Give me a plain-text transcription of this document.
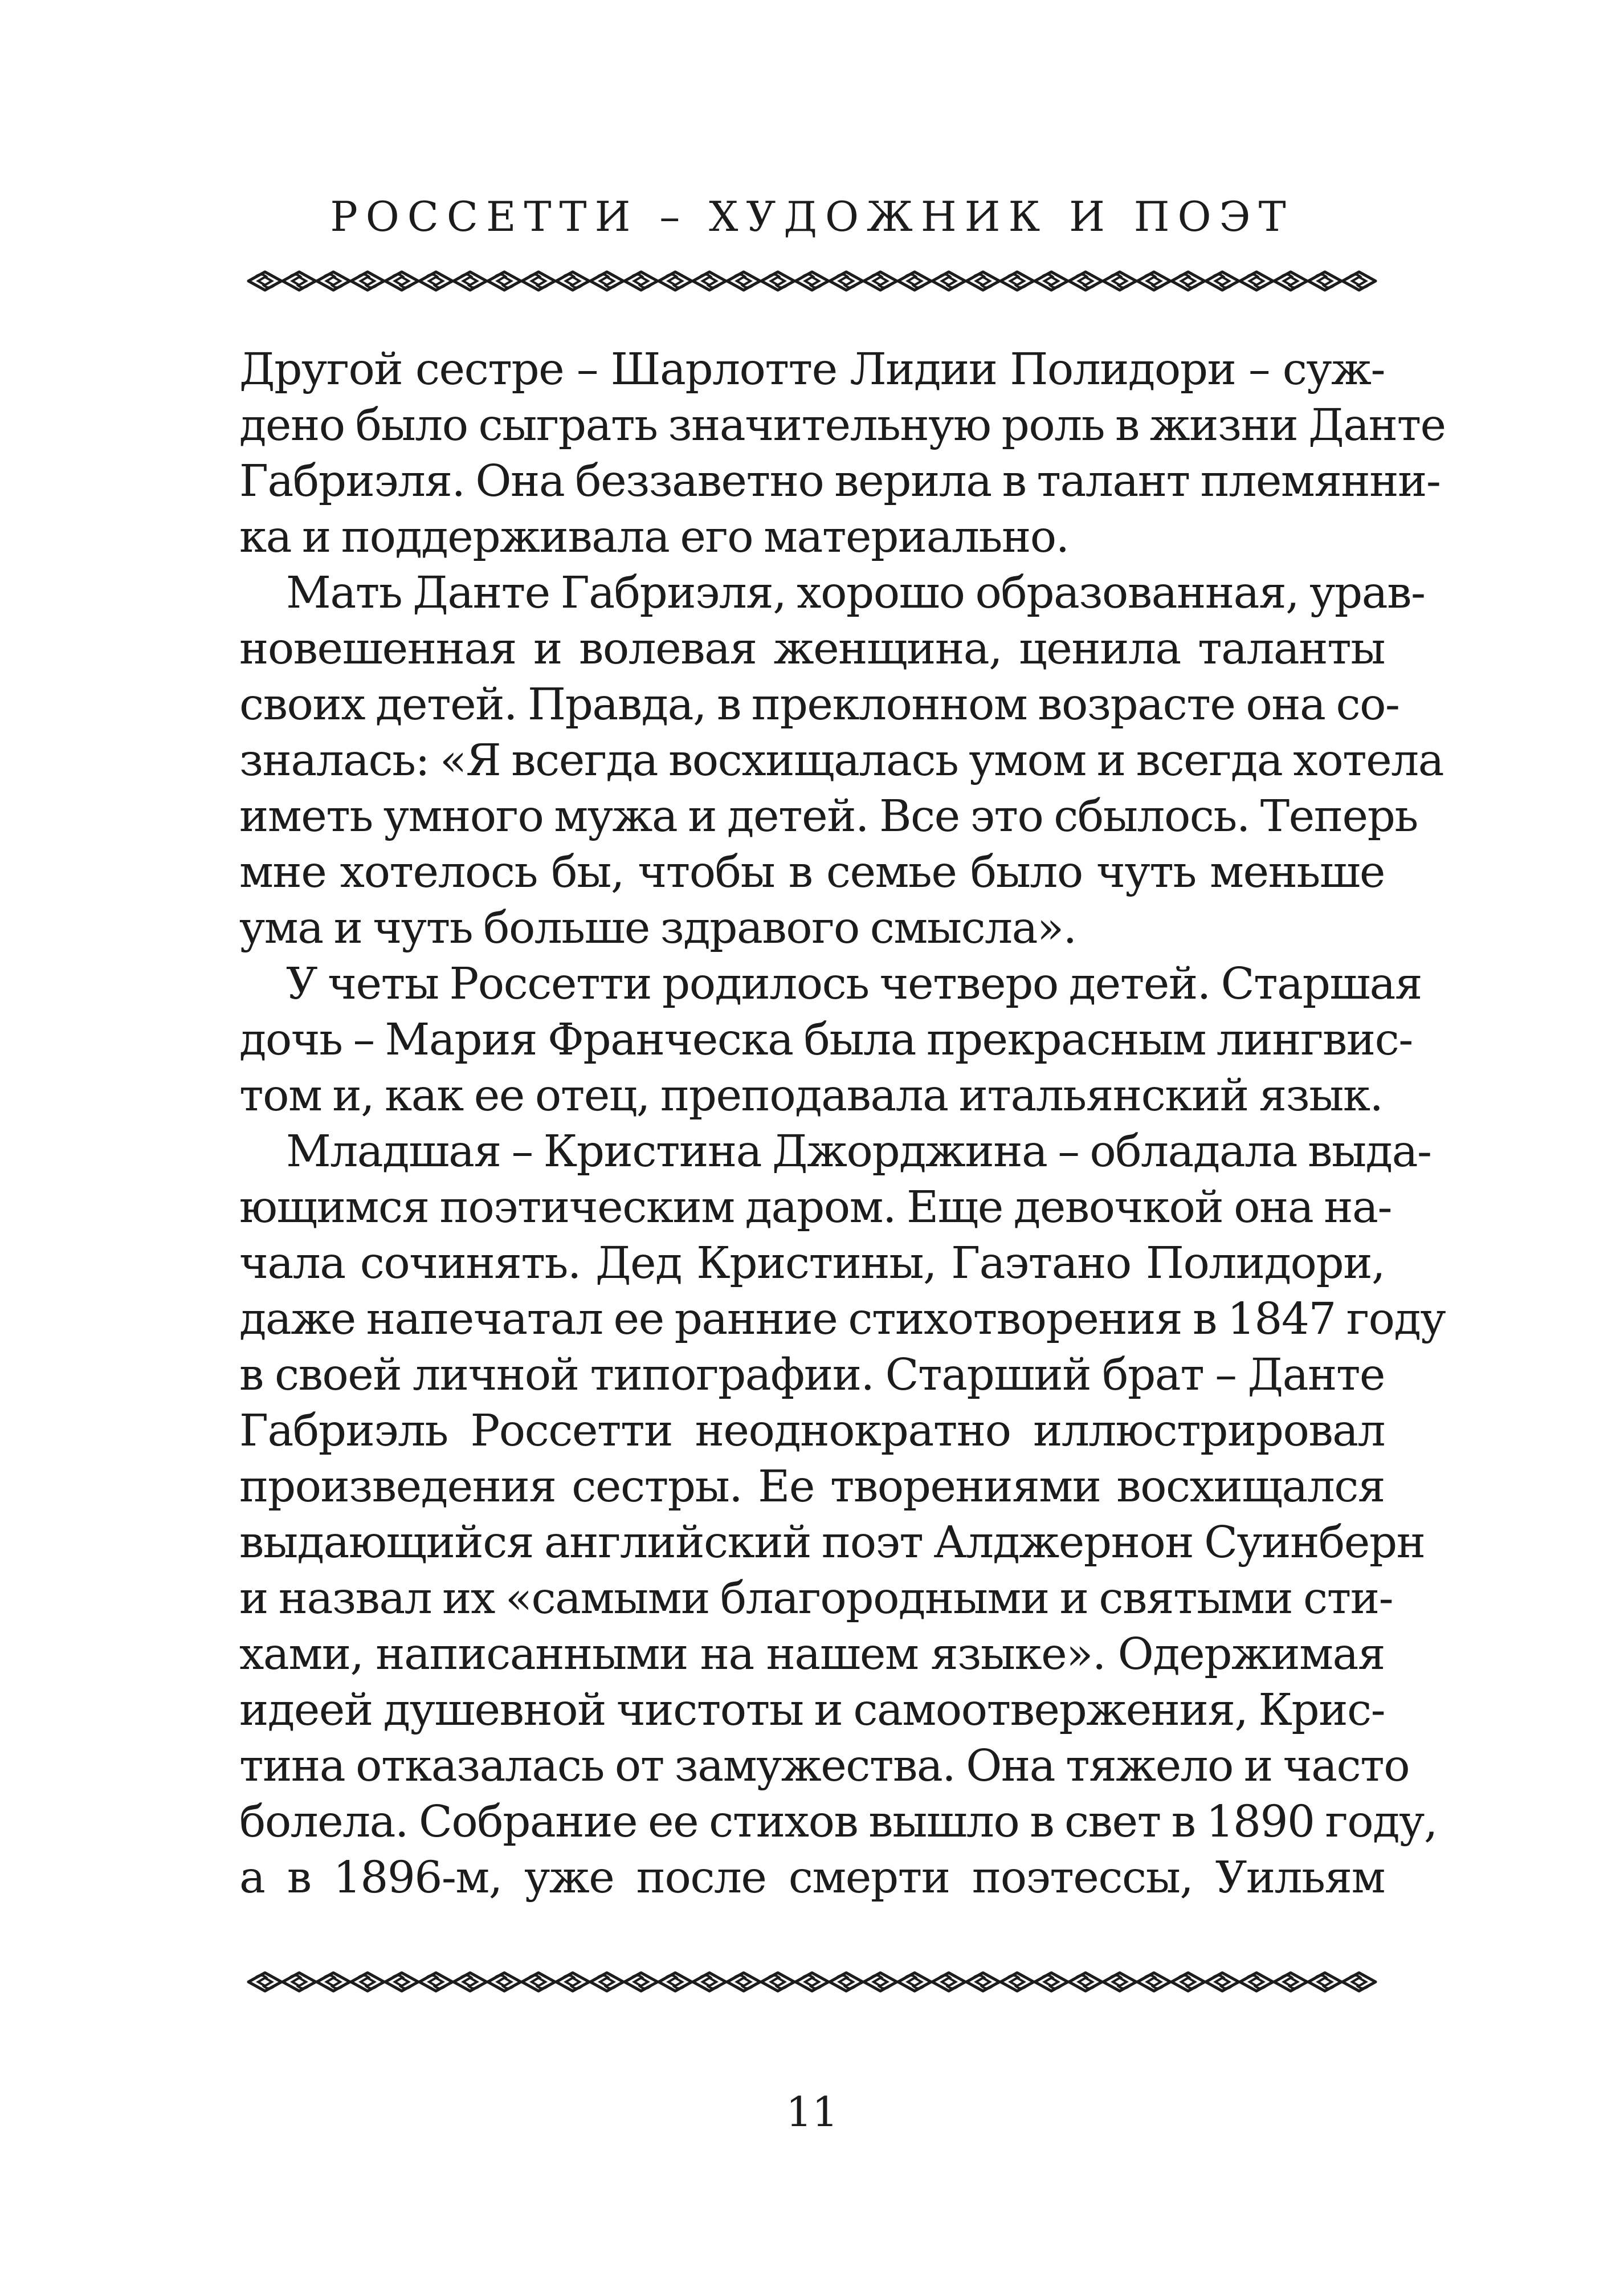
РОССЕТТИ – ХУДОЖНИК И ПОЭТ
Другой сестре – Шарлотте Лидии Полидори – суж-
дено было сыграть значительную роль в жизни Данте
Габриэля. Она беззаветно верила в талант племянни-
ка и поддерживала его материально.
Мать Данте Габриэля, хорошо образованная, урав-
новешенная и волевая женщина, ценила таланты
своих детей. Правда, в преклонном возрасте она со-
зналась: «Я всегда восхищалась умом и всегда хотела
иметь умного мужа и детей. Все это сбылось. Теперь
мне хотелось бы, чтобы в семье было чуть меньше
ума и чуть больше здравого смысла».
У четы Россетти родилось четверо детей. Старшая
дочь – Мария Франческа была прекрасным лингвис-
том и, как ее отец, преподавала итальянский язык.
Младшая – Кристина Джорджина – обладала выда-
ющимся поэтическим даром. Еще девочкой она на-
чала сочинять. Дед Кристины, Гаэтано Полидори,
даже напечатал ее ранние стихотворения в 1847 году
в своей личной типографии. Старший брат – Данте
Габриэль Россетти неоднократно иллюстрировал
произведения сестры. Ее творениями восхищался
выдающийся английский поэт Алджернон Суинберн
и назвал их «самыми благородными и святыми сти-
хами, написанными на нашем языке». Одержимая
идеей душевной чистоты и самоотвержения, Крис-
тина отказалась от замужества. Она тяжело и часто
болела. Собрание ее стихов вышло в свет в 1890 году,
а в 1896-м, уже после смерти поэтессы, Уильям
11
